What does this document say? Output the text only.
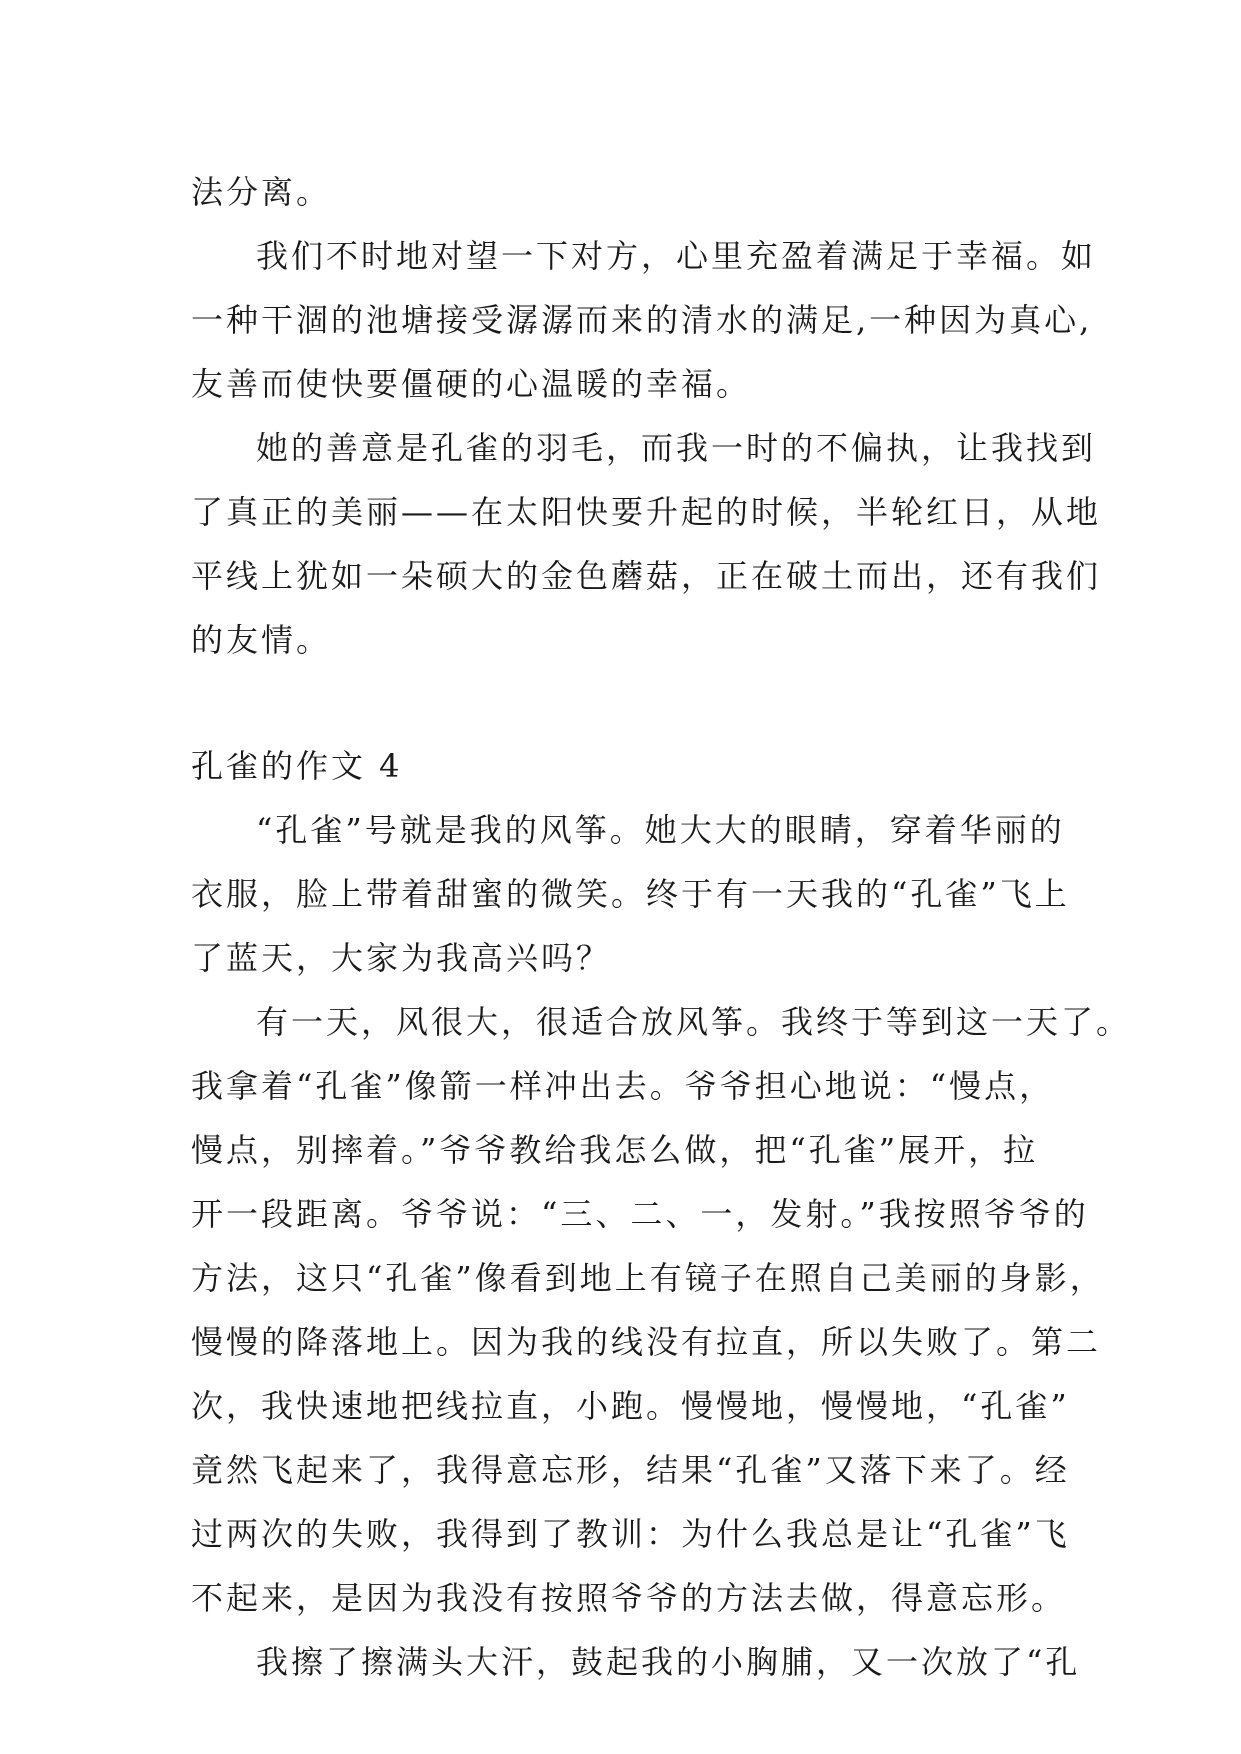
法分离。
我们不时地对望一下对方，心里充盈着满足于幸福。如
一种干涸的池塘接受潺潺而来的清水的满足,一种因为真心,
友善而使快要僵硬的心温暖的幸福。
她的善意是孔雀的羽毛，而我一时的不偏执，让我找到
了真正的美丽——在太阳快要升起的时候，半轮红日，从地
平线上犹如一朵硕大的金色蘑菇，正在破土而出，还有我们
的友情。
孔雀的作文 4
“孔雀”号就是我的风筝。她大大的眼睛，穿着华丽的
衣服，脸上带着甜蜜的微笑。终于有一天我的“孔雀”飞上
了蓝天，大家为我高兴吗？
有一天，风很大，很适合放风筝。我终于等到这一天了。
我拿着“孔雀”像箭一样冲出去。爷爷担心地说：“慢点，
慢点，别摔着。”爷爷教给我怎么做，把“孔雀”展开，拉
开一段距离。爷爷说：“三、二、一，发射。”我按照爷爷的
方法，这只“孔雀”像看到地上有镜子在照自己美丽的身影，
慢慢的降落地上。因为我的线没有拉直，所以失败了。第二
次，我快速地把线拉直，小跑。慢慢地，慢慢地，“孔雀”
竟然飞起来了，我得意忘形，结果“孔雀”又落下来了。经
过两次的失败，我得到了教训：为什么我总是让“孔雀”飞
不起来，是因为我没有按照爷爷的方法去做，得意忘形。
我擦了擦满头大汗，鼓起我的小胸脯，又一次放了“孔
